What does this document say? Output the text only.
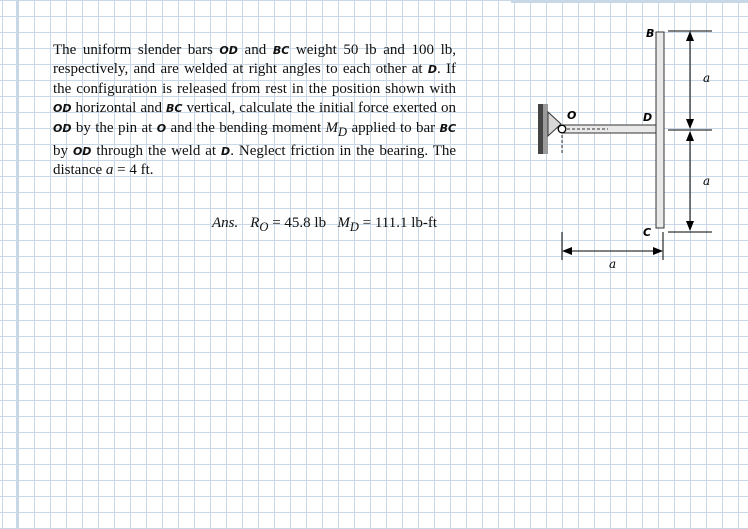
The uniform slender bars OD and BC weight 50 lb and 100 lb, respectively, and are welded at right angles to each other at D. If the configuration is released from rest in the position shown with OD horizontal and BC vertical, calculate the initial force exerted on OD by the pin at O and the bending moment $M_D$ applied to bar BC by OD through the weld at D. Neglect friction in the bearing. The distance a = 4 ft.
Ans. $R_O = 45.8$ lb $M_D = 111.1$ lb-ft
B
O	D
C
a
a
a
